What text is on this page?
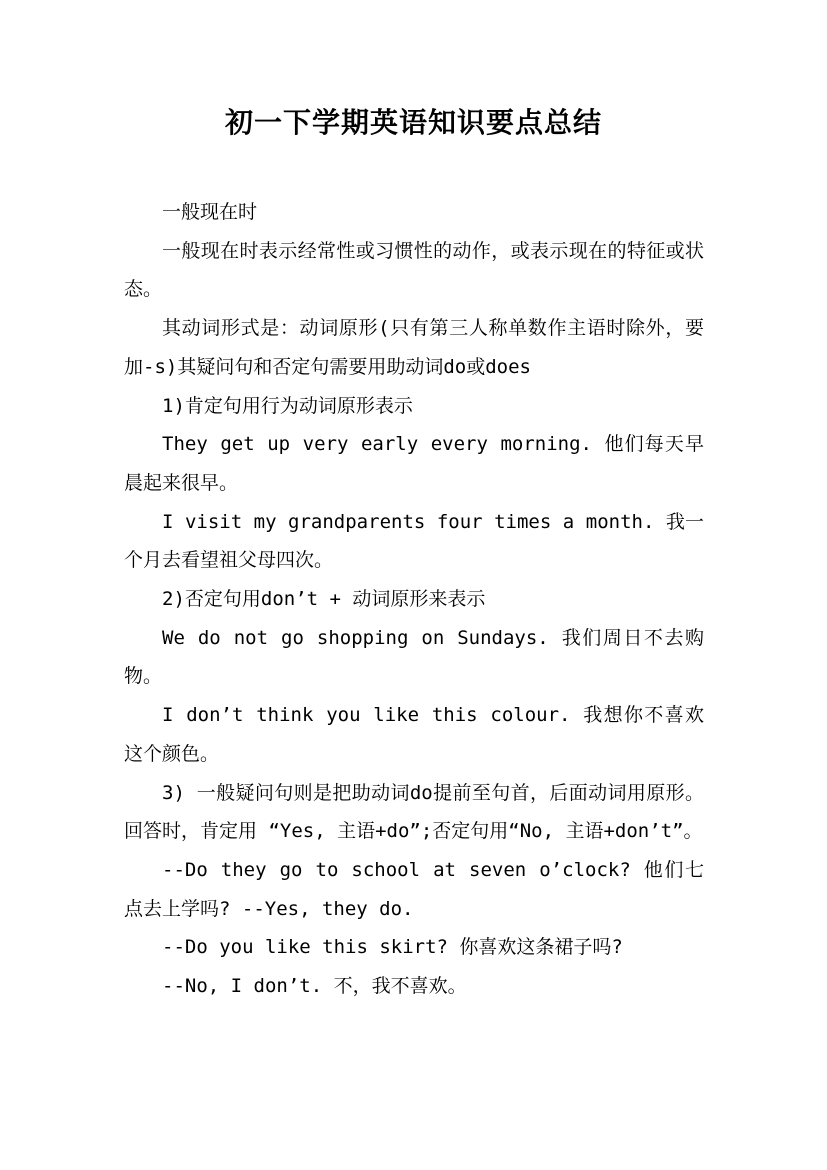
初一下学期英语知识要点总结

一般现在时

一般现在时表示经常性或习惯性的动作，或表示现在的特征或状态。

其动词形式是：动词原形(只有第三人称单数作主语时除外，要加-s)其疑问句和否定句需要用助动词do或does

1)肯定句用行为动词原形表示

They get up very early every morning. 他们每天早晨起来很早。

I visit my grandparents four times a month. 我一个月去看望祖父母四次。

2)否定句用don’t + 动词原形来表示

We do not go shopping on Sundays. 我们周日不去购物。

I don’t think you like this colour. 我想你不喜欢这个颜色。

3) 一般疑问句则是把助动词do提前至句首，后面动词用原形。回答时，肯定用 “Yes, 主语+do”;否定句用“No, 主语+don’t”。

--Do they go to school at seven o’clock? 他们七点去上学吗? --Yes, they do.

--Do you like this skirt? 你喜欢这条裙子吗?

--No, I don’t. 不，我不喜欢。
